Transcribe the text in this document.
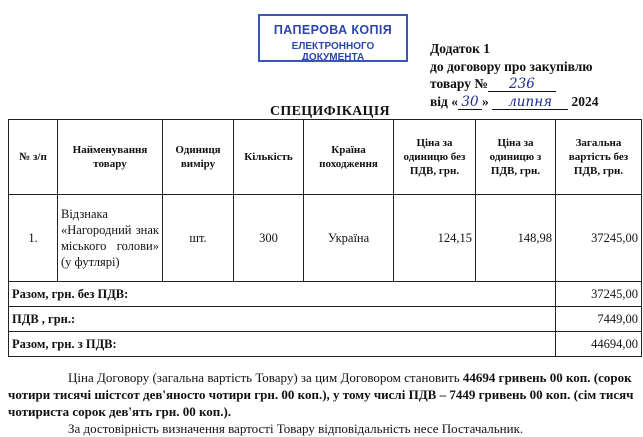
ПАПЕРОВА КОПІЯ
ЕЛЕКТРОННОГО ДОКУМЕНТА
Додаток 1
до договору про закупівлю
товару № 236
від « 30 » липня 2024
СПЕЦИФІКАЦІЯ
№ з/п	Найменування товару	Одиниця виміру	Кількість	Країна походження	Ціна за одиницю без ПДВ, грн.	Ціна за одиницю з ПДВ, грн.	Загальна вартість без ПДВ, грн.
1.	Відзнака «Нагородний знак міського голови» (у футлярі)	шт.	300	Україна	124,15	148,98	37245,00
Разом, грн. без ПДВ:							37245,00
ПДВ , грн.:							7449,00
Разом, грн. з ПДВ:							44694,00

Ціна Договору (загальна вартість Товару) за цим Договором становить 44694 гривень 00 коп. (сорок чотири тисячі шістсот дев'яносто чотири грн. 00 коп.), у тому числі ПДВ – 7449 гривень 00 коп. (сім тисяч чотириста сорок дев'ять грн. 00 коп.).

За достовірність визначення вартості Товару відповідальність несе Постачальник.
